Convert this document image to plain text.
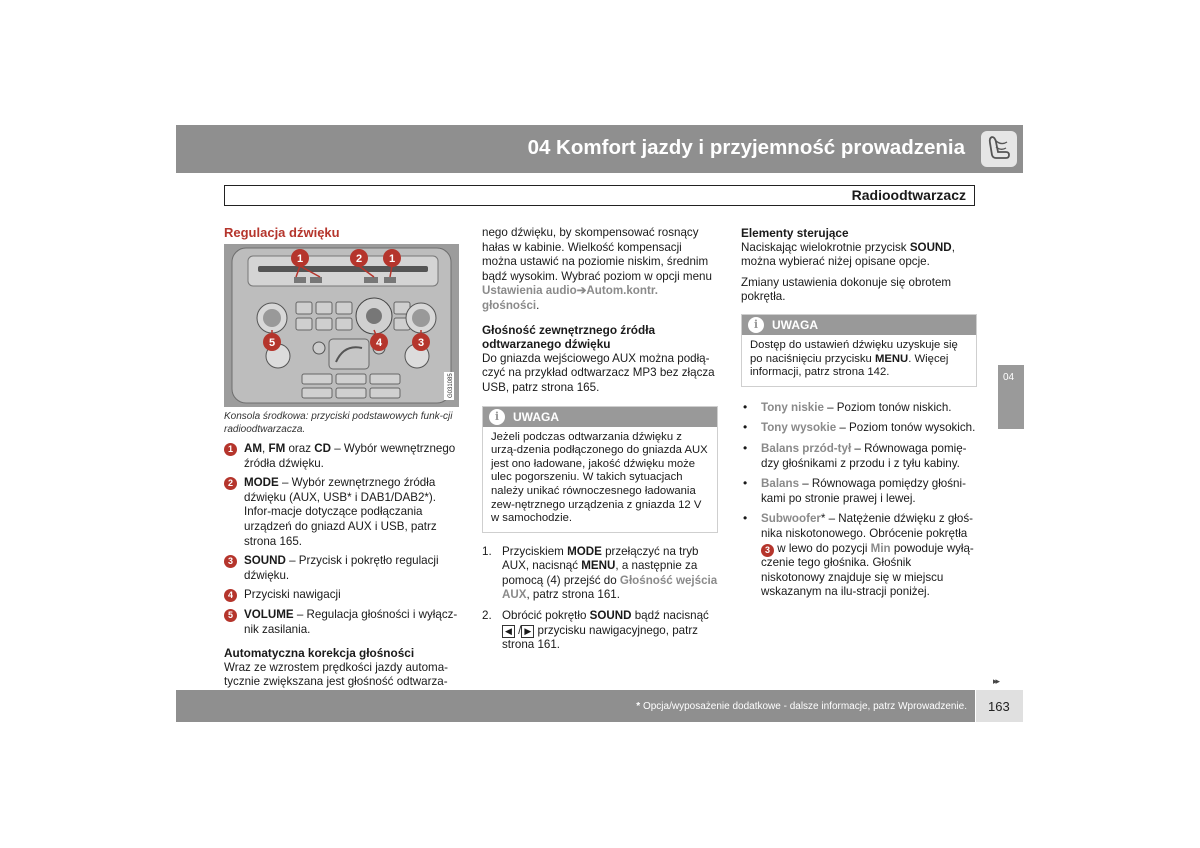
04 Komfort jazdy i przyjemność prowadzenia
Radioodtwarzacz
04
Regulacja dźwięku
1	2 1
5	4	3
G031085

Konsola środkowa: przyciski podstawowych funk-cji radioodtwarzacza.

1 AM, FM oraz CD – Wybór wewnętrznego źródła dźwięku.
2 MODE – Wybór zewnętrznego źródła dźwięku (AUX, USB* i DAB1/DAB2*). Infor-macje dotyczące podłączania urządzeń do gniazd AUX i USB, patrz strona 165.
3 SOUND – Przycisk i pokrętło regulacji dźwięku.
4 Przyciski nawigacji
5 VOLUME – Regulacja głośności i wyłącz-nik zasilania.
Automatyczna korekcja głośności

Wraz ze wzrostem prędkości jazdy automa-tycznie zwiększana jest głośność odtwarza-

nego dźwięku, by skompensować rosnący hałas w kabinie. Wielkość kompensacji można ustawić na poziomie niskim, średnim bądź wysokim. Wybrać poziom w opcji menu Ustawienia audio➔Autom.kontr. głośności.

Głośność zewnętrznego źródła odtwarzanego dźwięku

Do gniazda wejściowego AUX można podłą-czyć na przykład odtwarzacz MP3 bez złącza USB, patrz strona 165.

i	UWAGA
Jeżeli podczas odtwarzania dźwięku z urzą-dzenia podłączonego do gniazda AUX jest ono ładowane, jakość dźwięku może ulec pogorszeniu. W takich sytuacjach należy unikać równoczesnego ładowania zew-nętrznego urządzenia z gniazda 12 V w samochodzie.
1. Przyciskiem MODE przełączyć na tryb AUX, nacisnąć MENU, a następnie za pomocą (4) przejść do Głośność wejścia AUX, patrz strona 161.
2. Obrócić pokrętło SOUND bądź nacisnąć ◀ / ▶ przycisku nawigacyjnego, patrz strona 161.
Elementy sterujące

Naciskając wielokrotnie przycisk SOUND, można wybierać niżej opisane opcje.

Zmiany ustawienia dokonuje się obrotem pokrętła.

i	UWAGA
Dostęp do ustawień dźwięku uzyskuje się po naciśnięciu przycisku MENU. Więcej informacji, patrz strona 142.
• Tony niskie – Poziom tonów niskich.
• Tony wysokie – Poziom tonów wysokich.
• Balans przód-tył – Równowaga pomię-dzy głośnikami z przodu i z tyłu kabiny.
• Balans – Równowaga pomiędzy głośni-kami po stronie prawej i lewej.
• Subwoofer* – Natężenie dźwięku z głoś-nika niskotonowego. Obrócenie pokrętła 3 w lewo do pozycji Min powoduje wyłą-czenie tego głośnika. Głośnik niskotonowy znajduje się w miejscu wskazanym na ilu-stracji poniżej.
▸▸
* Opcja/wyposażenie dodatkowe - dalsze informacje, patrz Wprowadzenie. 163
